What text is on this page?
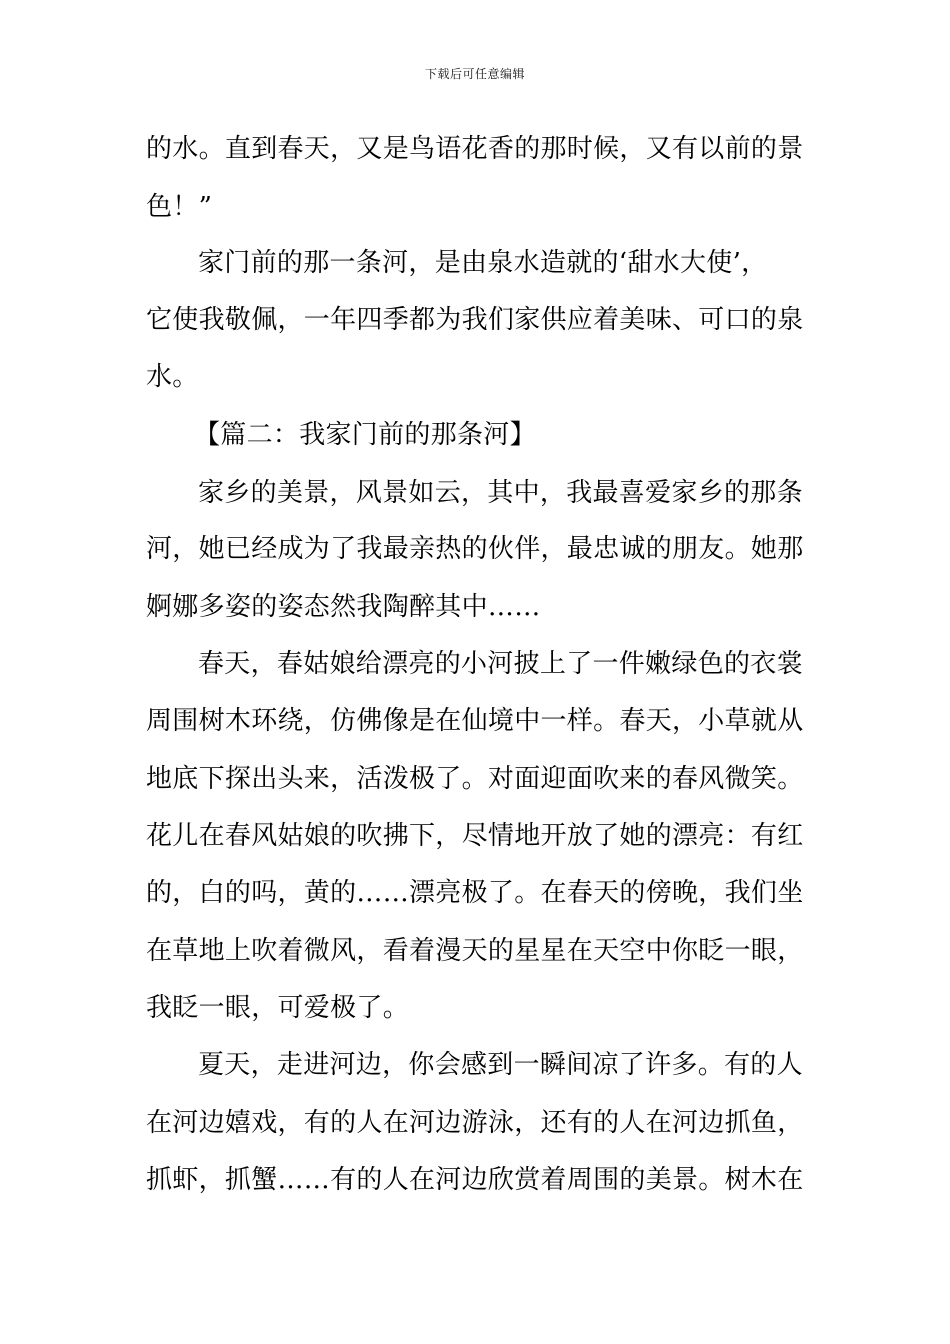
下载后可任意编辑
的水。直到春天，又是鸟语花香的那时候，又有以前的景
色！”
家门前的那一条河，是由泉水造就的‘甜水大使’，
它使我敬佩，一年四季都为我们家供应着美味、可口的泉
水。
【篇二：我家门前的那条河】
家乡的美景，风景如云，其中，我最喜爱家乡的那条
河，她已经成为了我最亲热的伙伴，最忠诚的朋友。她那
婀娜多姿的姿态然我陶醉其中……
春天，春姑娘给漂亮的小河披上了一件嫩绿色的衣裳
周围树木环绕，仿佛像是在仙境中一样。春天，小草就从
地底下探出头来，活泼极了。对面迎面吹来的春风微笑。
花儿在春风姑娘的吹拂下，尽情地开放了她的漂亮：有红
的，白的吗，黄的……漂亮极了。在春天的傍晚，我们坐
在草地上吹着微风，看着漫天的星星在天空中你眨一眼，
我眨一眼，可爱极了。
夏天，走进河边，你会感到一瞬间凉了许多。有的人
在河边嬉戏，有的人在河边游泳，还有的人在河边抓鱼，
抓虾，抓蟹……有的人在河边欣赏着周围的美景。树木在
